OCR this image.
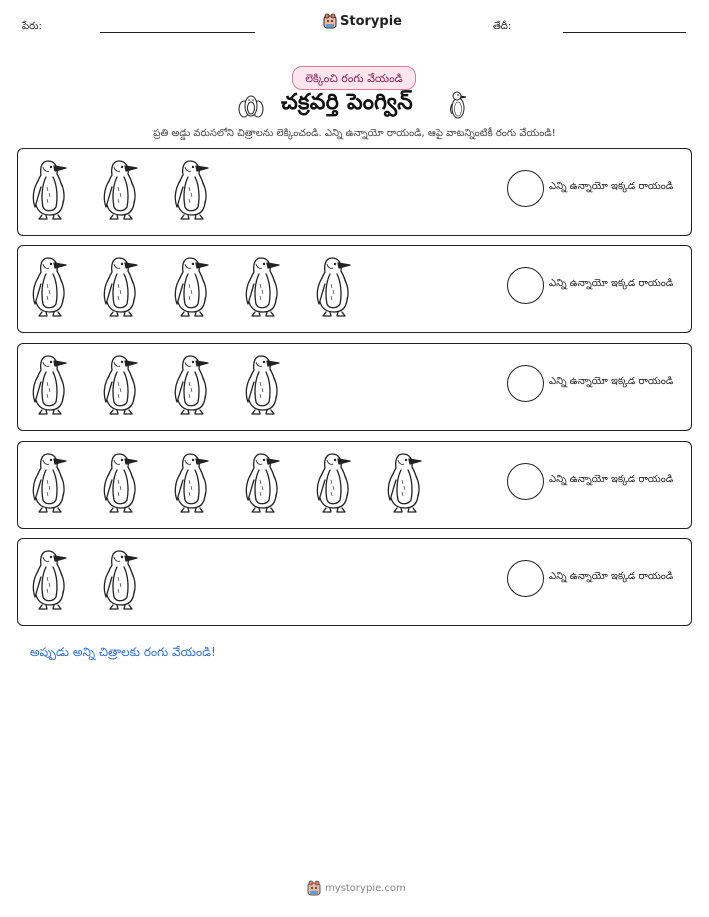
పేరు:	Storypie	తేదీ:
లెక్కించి రంగు వేయండి
చక్రవర్తి పెంగ్విన్
ప్రతి అడ్డు వరుసలోని చిత్రాలను లెక్కించండి. ఎన్ని ఉన్నాయో రాయండి, ఆపై వాటన్నింటికీ రంగు వేయండి!
ఎన్ని ఉన్నాయో ఇక్కడ రాయండి
ఎన్ని ఉన్నాయో ఇక్కడ రాయండి
ఎన్ని ఉన్నాయో ఇక్కడ రాయండి
ఎన్ని ఉన్నాయో ఇక్కడ రాయండి
ఎన్ని ఉన్నాయో ఇక్కడ రాయండి
అప్పుడు అన్ని చిత్రాలకు రంగు వేయండి!
mystorypie.com
